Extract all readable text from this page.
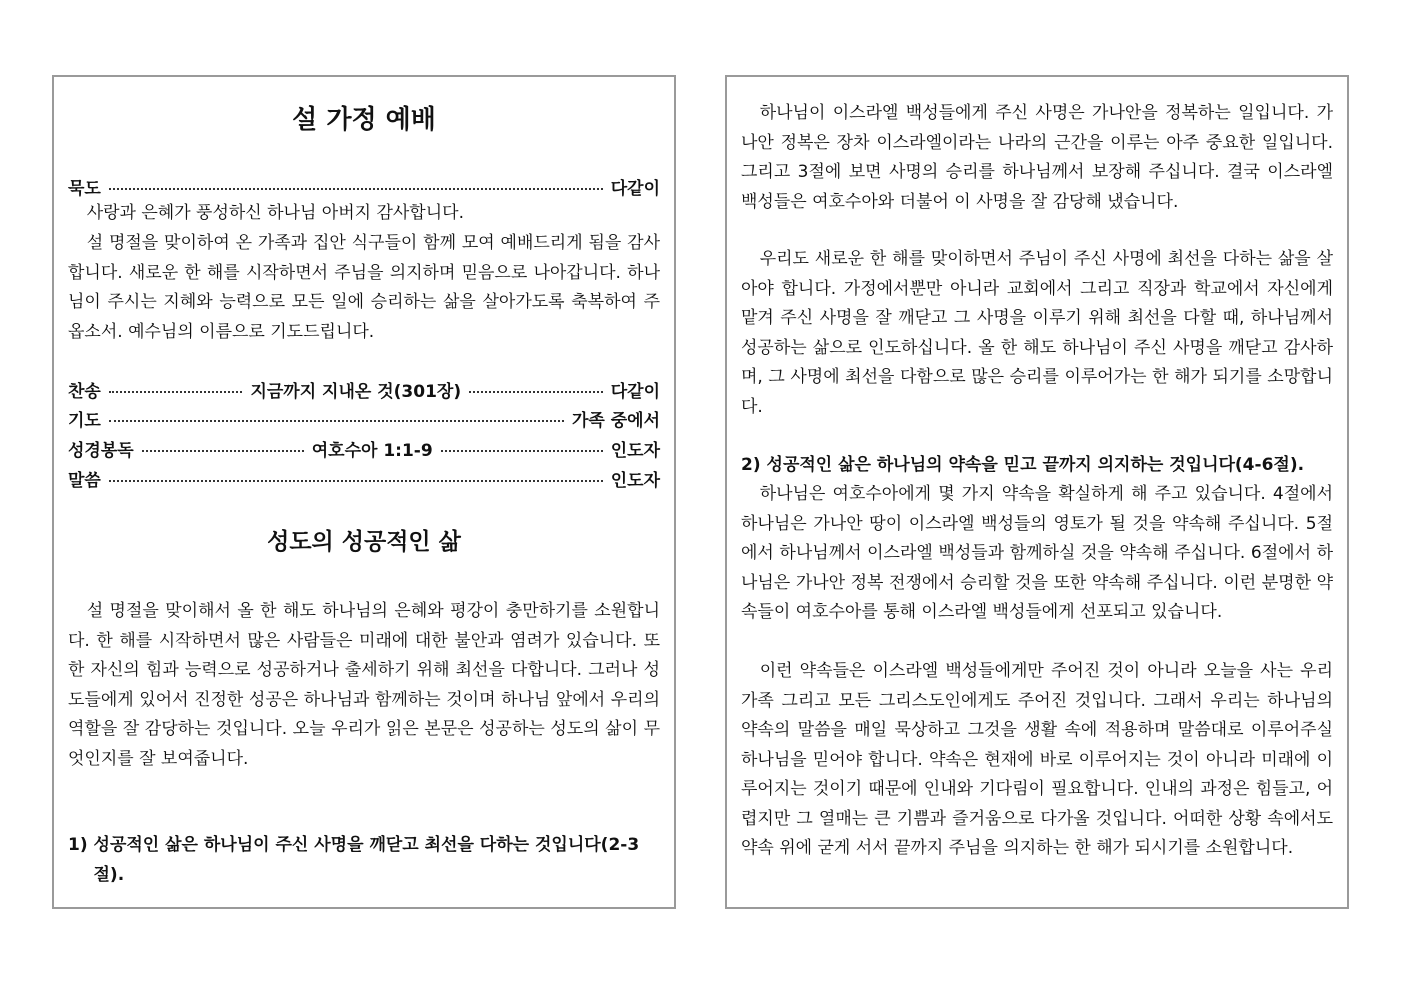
설 가정 예배
묵도	다같이

사랑과 은혜가 풍성하신 하나님 아버지 감사합니다.

설 명절을 맞이하여 온 가족과 집안 식구들이 함께 모여 예배드리게 됨을 감사합니다. 새로운 한 해를 시작하면서 주님을 의지하며 믿음으로 나아갑니다. 하나님이 주시는 지혜와 능력으로 모든 일에 승리하는 삶을 살아가도록 축복하여 주옵소서. 예수님의 이름으로 기도드립니다.

찬송	지금까지 지내온 것(301장)	다같이
기도	가족 중에서
성경봉독	여호수아 1:1-9	인도자
말씀	인도자
성도의 성공적인 삶

설 명절을 맞이해서 올 한 해도 하나님의 은혜와 평강이 충만하기를 소원합니다. 한 해를 시작하면서 많은 사람들은 미래에 대한 불안과 염려가 있습니다. 또한 자신의 힘과 능력으로 성공하거나 출세하기 위해 최선을 다합니다. 그러나 성도들에게 있어서 진정한 성공은 하나님과 함께하는 것이며 하나님 앞에서 우리의 역할을 잘 감당하는 것입니다. 오늘 우리가 읽은 본문은 성공하는 성도의 삶이 무엇인지를 잘 보여줍니다.

1) 성공적인 삶은 하나님이 주신 사명을 깨닫고 최선을 다하는 것입니다(2-3절).

하나님이 이스라엘 백성들에게 주신 사명은 가나안을 정복하는 일입니다. 가나안 정복은 장차 이스라엘이라는 나라의 근간을 이루는 아주 중요한 일입니다. 그리고 3절에 보면 사명의 승리를 하나님께서 보장해 주십니다. 결국 이스라엘 백성들은 여호수아와 더불어 이 사명을 잘 감당해 냈습니다.

우리도 새로운 한 해를 맞이하면서 주님이 주신 사명에 최선을 다하는 삶을 살아야 합니다. 가정에서뿐만 아니라 교회에서 그리고 직장과 학교에서 자신에게 맡겨 주신 사명을 잘 깨닫고 그 사명을 이루기 위해 최선을 다할 때, 하나님께서 성공하는 삶으로 인도하십니다. 올 한 해도 하나님이 주신 사명을 깨닫고 감사하며, 그 사명에 최선을 다함으로 많은 승리를 이루어가는 한 해가 되기를 소망합니다.

2) 성공적인 삶은 하나님의 약속을 믿고 끝까지 의지하는 것입니다(4-6절).

하나님은 여호수아에게 몇 가지 약속을 확실하게 해 주고 있습니다. 4절에서 하나님은 가나안 땅이 이스라엘 백성들의 영토가 될 것을 약속해 주십니다. 5절에서 하나님께서 이스라엘 백성들과 함께하실 것을 약속해 주십니다. 6절에서 하나님은 가나안 정복 전쟁에서 승리할 것을 또한 약속해 주십니다. 이런 분명한 약속들이 여호수아를 통해 이스라엘 백성들에게 선포되고 있습니다.

이런 약속들은 이스라엘 백성들에게만 주어진 것이 아니라 오늘을 사는 우리 가족 그리고 모든 그리스도인에게도 주어진 것입니다. 그래서 우리는 하나님의 약속의 말씀을 매일 묵상하고 그것을 생활 속에 적용하며 말씀대로 이루어주실 하나님을 믿어야 합니다. 약속은 현재에 바로 이루어지는 것이 아니라 미래에 이루어지는 것이기 때문에 인내와 기다림이 필요합니다. 인내의 과정은 힘들고, 어렵지만 그 열매는 큰 기쁨과 즐거움으로 다가올 것입니다. 어떠한 상황 속에서도 약속 위에 굳게 서서 끝까지 주님을 의지하는 한 해가 되시기를 소원합니다.
